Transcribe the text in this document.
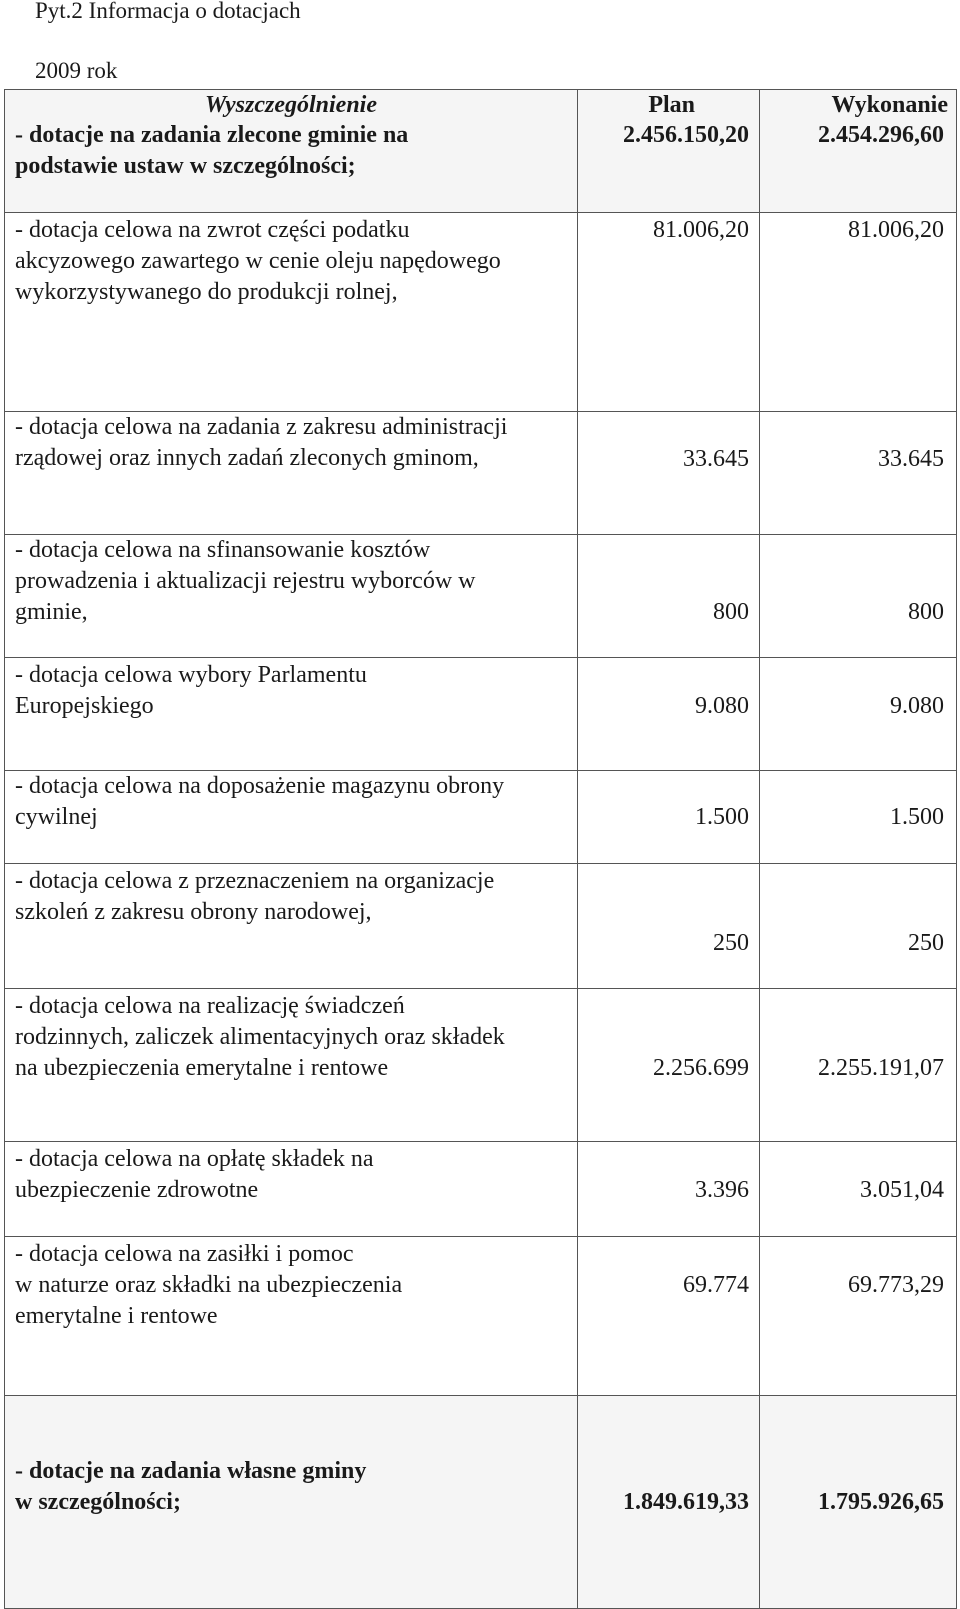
Pyt.2 Informacja o dotacjach
2009 rok
Wyszczególnienie	Plan	Wykonanie

- dotacje na zadania zlecone gminie na
podstawie ustaw w szczególności;	2.456.150,20	2.454.296,60

- dotacja celowa na zwrot części podatku
akcyzowego zawartego w cenie oleju napędowego
wykorzystywanego do produkcji rolnej,	81.006,20	81.006,20

- dotacja celowa na zadania z zakresu administracji
rządowej oraz innych zadań zleconych gminom,	33.645	33.645

- dotacja celowa na sfinansowanie kosztów
prowadzenia i aktualizacji rejestru wyborców w
gminie,	800	800

- dotacja celowa wybory Parlamentu
Europejskiego	9.080	9.080

- dotacja celowa na doposażenie magazynu obrony
cywilnej	1.500	1.500

- dotacja celowa z przeznaczeniem na organizacje
szkoleń z zakresu obrony narodowej,	250	250

- dotacja celowa na realizację świadczeń
rodzinnych, zaliczek alimentacyjnych oraz składek
na ubezpieczenia emerytalne i rentowe	2.256.699	2.255.191,07

- dotacja celowa na opłatę składek na
ubezpieczenie zdrowotne	3.396	3.051,04

- dotacja celowa na zasiłki i pomoc
w naturze oraz składki na ubezpieczenia
emerytalne i rentowe	69.774	69.773,29

- dotacje na zadania własne gminy
w szczególności;	1.849.619,33	1.795.926,65
